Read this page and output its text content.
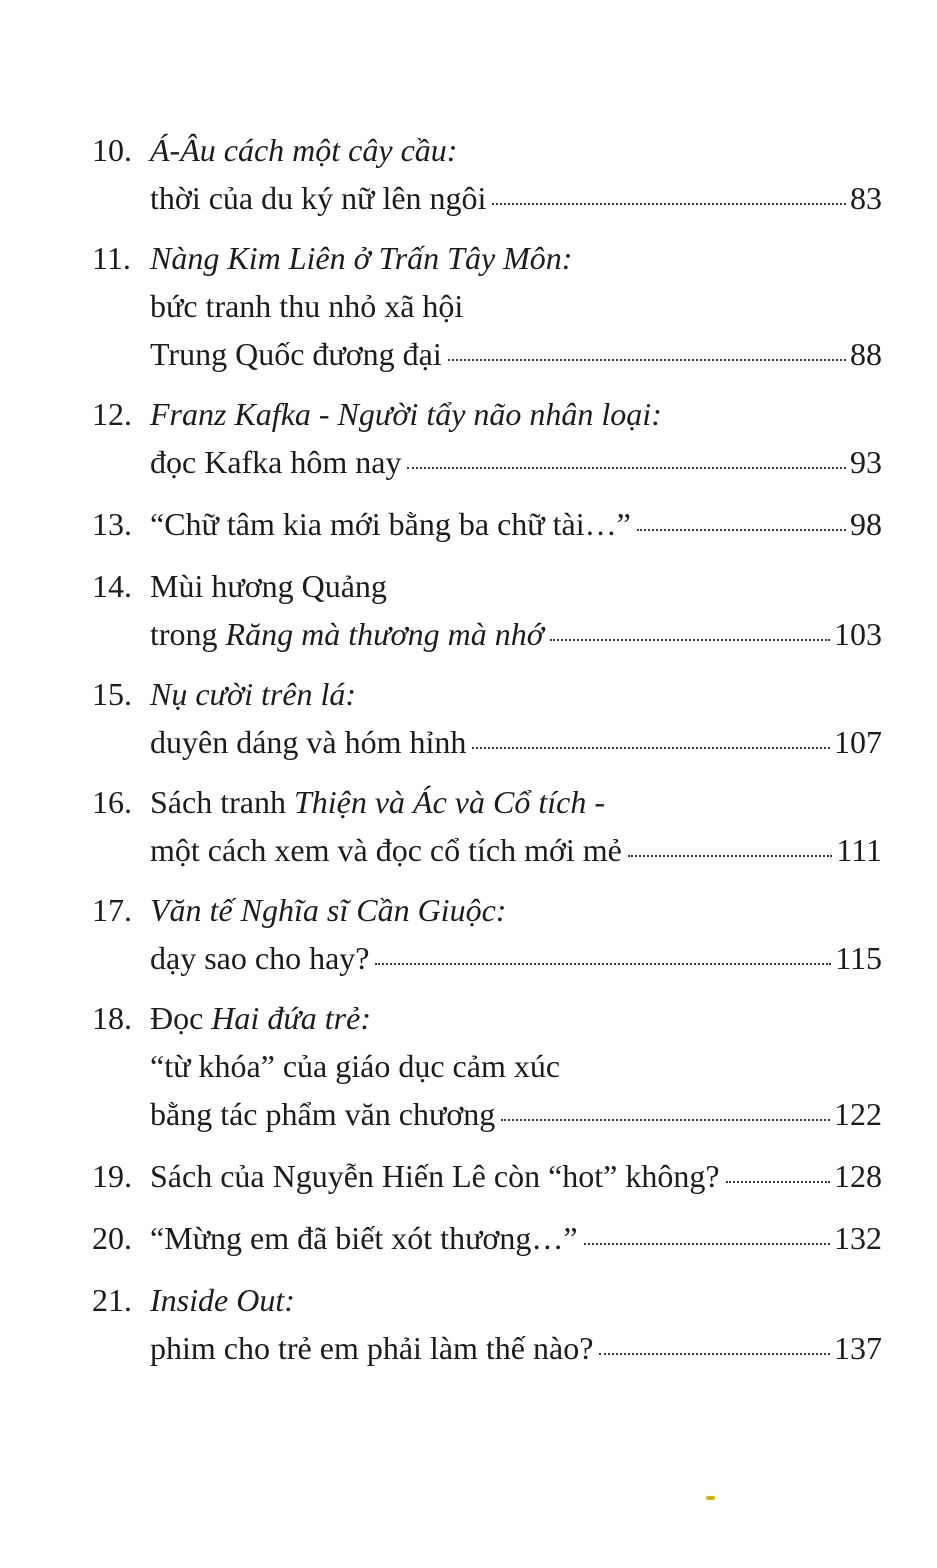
10. Á-Âu cách một cây cầu:
thời của du ký nữ lên ngôi	83
11. Nàng Kim Liên ở Trấn Tây Môn:
bức tranh thu nhỏ xã hội
Trung Quốc đương đại	88
12. Franz Kafka - Người tẩy não nhân loại:
đọc Kafka hôm nay	93
13. “Chữ tâm kia mới bằng ba chữ tài…”	98
14. Mùi hương Quảng
trong Răng mà thương mà nhớ	103
15. Nụ cười trên lá:
duyên dáng và hóm hỉnh	107
16. Sách tranh Thiện và Ác và Cổ tích -
một cách xem và đọc cổ tích mới mẻ	111
17. Văn tế Nghĩa sĩ Cần Giuộc:
dạy sao cho hay?	115
18. Đọc Hai đứa trẻ:
“từ khóa” của giáo dục cảm xúc
bằng tác phẩm văn chương	122
19. Sách của Nguyễn Hiến Lê còn “hot” không?	128
20. “Mừng em đã biết xót thương…”	132
21. Inside Out:
phim cho trẻ em phải làm thế nào?	137
